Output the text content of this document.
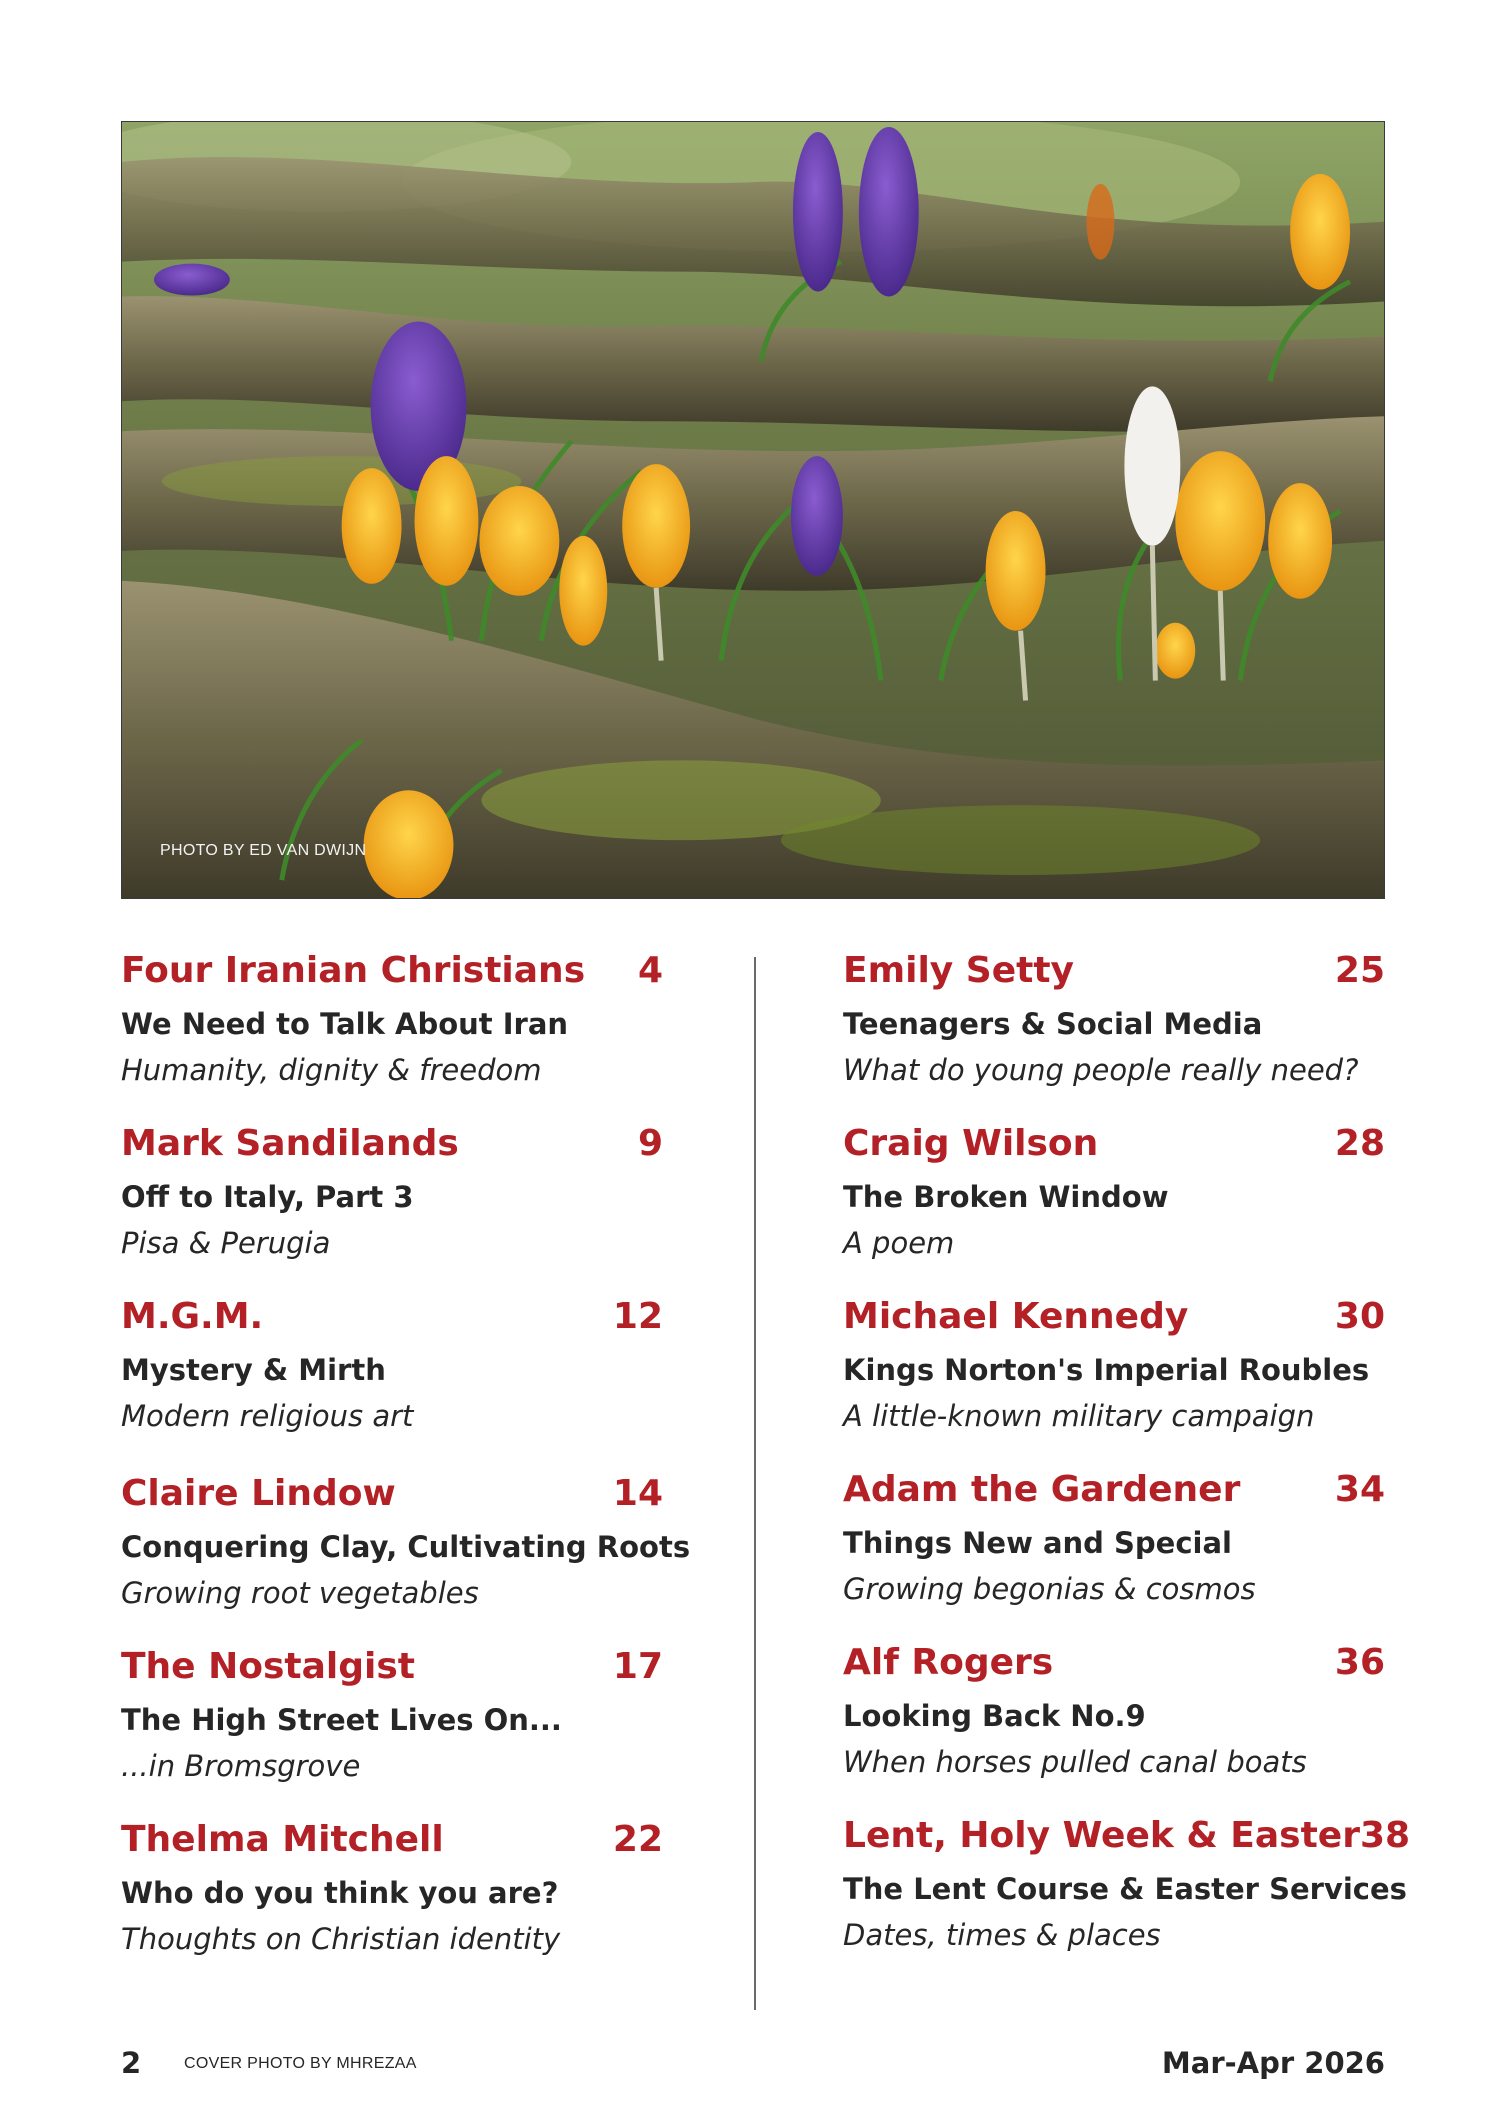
PHOTO BY ED VAN DWIJN
Four Iranian Christians 4
We Need to Talk About Iran
Humanity, dignity & freedom
Mark Sandilands	9
Off to Italy, Part 3
Pisa & Perugia
M.G.M.	12
Mystery & Mirth
Modern religious art
Claire Lindow	14
Conquering Clay, Cultivating Roots
Growing root vegetables
The Nostalgist	17
The High Street Lives On...
...in Bromsgrove
Thelma Mitchell	22
Who do you think you are?
Thoughts on Christian identity
Emily Setty	25
Teenagers & Social Media
What do young people really need?
Craig Wilson	28
The Broken Window
A poem
Michael Kennedy	30
Kings Norton's Imperial Roubles
A little-known military campaign
Adam the Gardener	34
Things New and Special
Growing begonias & cosmos
Alf Rogers	36
Looking Back No.9
When horses pulled canal boats
Lent, Holy Week & Easter 38
The Lent Course & Easter Services
Dates, times & places
2	COVER PHOTO BY MHREZAA	Mar-Apr 2026
